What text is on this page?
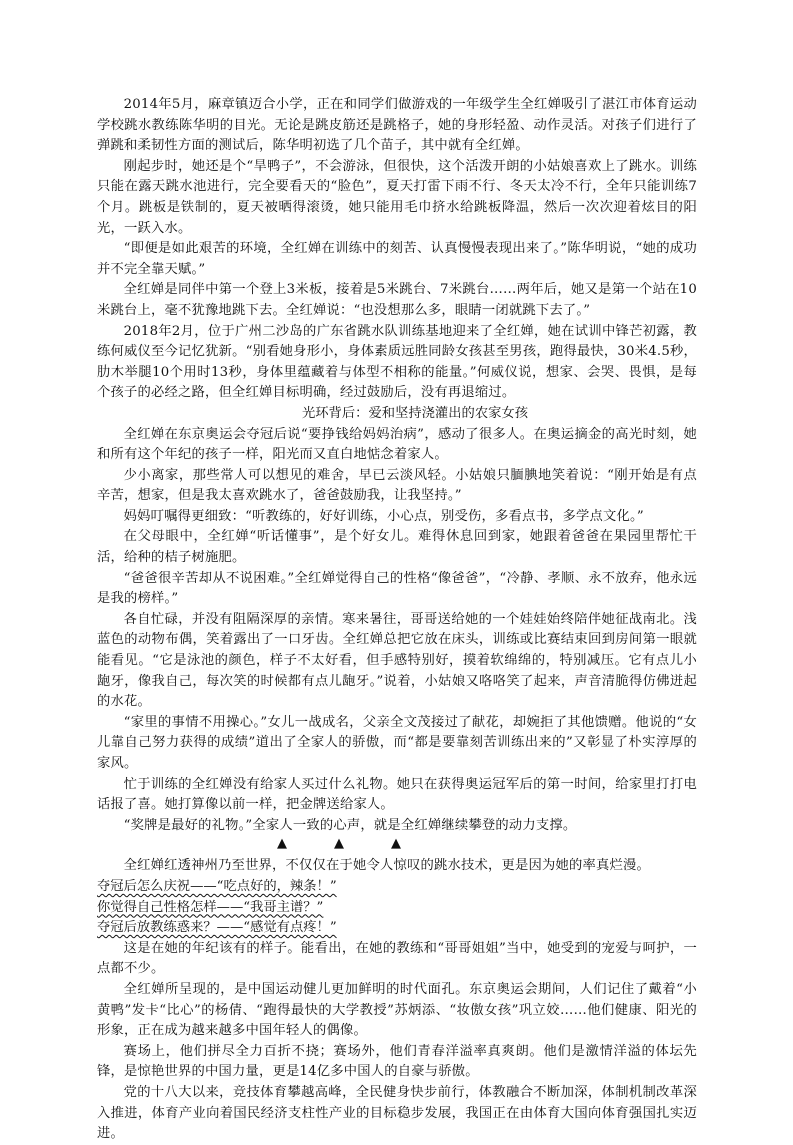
2014年5月，麻章镇迈合小学，正在和同学们做游戏的一年级学生全红婵吸引了湛江市体育运动学校跳水教练陈华明的目光。无论是跳皮筋还是跳格子，她的身形轻盈、动作灵活。对孩子们进行了弹跳和柔韧性方面的测试后，陈华明初选了几个苗子，其中就有全红婵。

刚起步时，她还是个“旱鸭子”，不会游泳，但很快，这个活泼开朗的小姑娘喜欢上了跳水。训练只能在露天跳水池进行，完全要看天的“脸色”，夏天打雷下雨不行、冬天太冷不行，全年只能训练7个月。跳板是铁制的，夏天被晒得滚烫，她只能用毛巾挤水给跳板降温，然后一次次迎着炫目的阳光，一跃入水。

“即便是如此艰苦的环境，全红婵在训练中的刻苦、认真慢慢表现出来了。”陈华明说，“她的成功并不完全靠天赋。”

全红婵是同伴中第一个登上3米板，接着是5米跳台、7米跳台……两年后，她又是第一个站在10米跳台上，毫不犹豫地跳下去。全红婵说：“也没想那么多，眼睛一闭就跳下去了。”

2018年2月，位于广州二沙岛的广东省跳水队训练基地迎来了全红婵，她在试训中锋芒初露，教练何威仪至今记忆犹新。“别看她身形小，身体素质远胜同龄女孩甚至男孩，跑得最快，30米4.5秒，肋木举腿10个用时13秒，身体里蕴藏着与体型不相称的能量。”何威仪说，想家、会哭、畏惧，是每个孩子的必经之路，但全红婵目标明确，经过鼓励后，没有再退缩过。

光环背后：爱和坚持浇灌出的农家女孩

全红婵在东京奥运会夺冠后说“要挣钱给妈妈治病”，感动了很多人。在奥运摘金的高光时刻，她和所有这个年纪的孩子一样，阳光而又直白地惦念着家人。

少小离家，那些常人可以想见的难舍，早已云淡风轻。小姑娘只腼腆地笑着说：“刚开始是有点辛苦，想家，但是我太喜欢跳水了，爸爸鼓励我，让我坚持。”

妈妈叮嘱得更细致：“听教练的，好好训练，小心点，别受伤，多看点书，多学点文化。”

在父母眼中，全红婵“听话懂事”，是个好女儿。难得休息回到家，她跟着爸爸在果园里帮忙干活，给种的桔子树施肥。

“爸爸很辛苦却从不说困难。”全红婵觉得自己的性格“像爸爸”，“冷静、孝顺、永不放弃，他永远是我的榜样。”

各自忙碌，并没有阻隔深厚的亲情。寒来暑往，哥哥送给她的一个娃娃始终陪伴她征战南北。浅蓝色的动物布偶，笑着露出了一口牙齿。全红婵总把它放在床头，训练或比赛结束回到房间第一眼就能看见。“它是泳池的颜色，样子不太好看，但手感特别好，摸着软绵绵的，特别减压。它有点儿小龅牙，像我自己，每次笑的时候都有点儿龅牙。”说着，小姑娘又咯咯笑了起来，声音清脆得仿佛迸起的水花。

“家里的事情不用操心。”女儿一战成名，父亲全文茂接过了献花，却婉拒了其他馈赠。他说的“女儿靠自己努力获得的成绩”道出了全家人的骄傲，而“都是要靠刻苦训练出来的”又彰显了朴实淳厚的家风。

忙于训练的全红婵没有给家人买过什么礼物。她只在获得奥运冠军后的第一时间，给家里打打电话报了喜。她打算像以前一样，把金牌送给家人。

“奖牌是最好的礼物。”全家人一致的心声，就是全红婵继续攀登的动力支撑。

▲	▲	▲

全红婵红透神州乃至世界，不仅仅在于她令人惊叹的跳水技术，更是因为她的率真烂漫。

夺冠后怎么庆祝——“吃点好的，辣条！”

你觉得自己性格怎样——“我哥主谱？”

夺冠后放教练惑来？——“感觉有点疼！”

这是在她的年纪该有的样子。能看出，在她的教练和“哥哥姐姐”当中，她受到的宠爱与呵护，一点都不少。

全红婵所呈现的，是中国运动健儿更加鲜明的时代面孔。东京奥运会期间，人们记住了戴着“小黄鸭”发卡“比心”的杨倩、“跑得最快的大学教授”苏炳添、“妆傲女孩”巩立姣……他们健康、阳光的形象，正在成为越来越多中国年轻人的偶像。

赛场上，他们拼尽全力百折不挠；赛场外，他们青春洋溢率真爽朗。他们是激情洋溢的体坛先锋，是惊艳世界的中国力量，更是14亿多中国人的自豪与骄傲。

党的十八大以来，竞技体育攀越高峰，全民健身快步前行，体教融合不断加深，体制机制改革深入推进，体育产业向着国民经济支柱性产业的目标稳步发展，我国正在由体育大国向体育强国扎实迈进。
